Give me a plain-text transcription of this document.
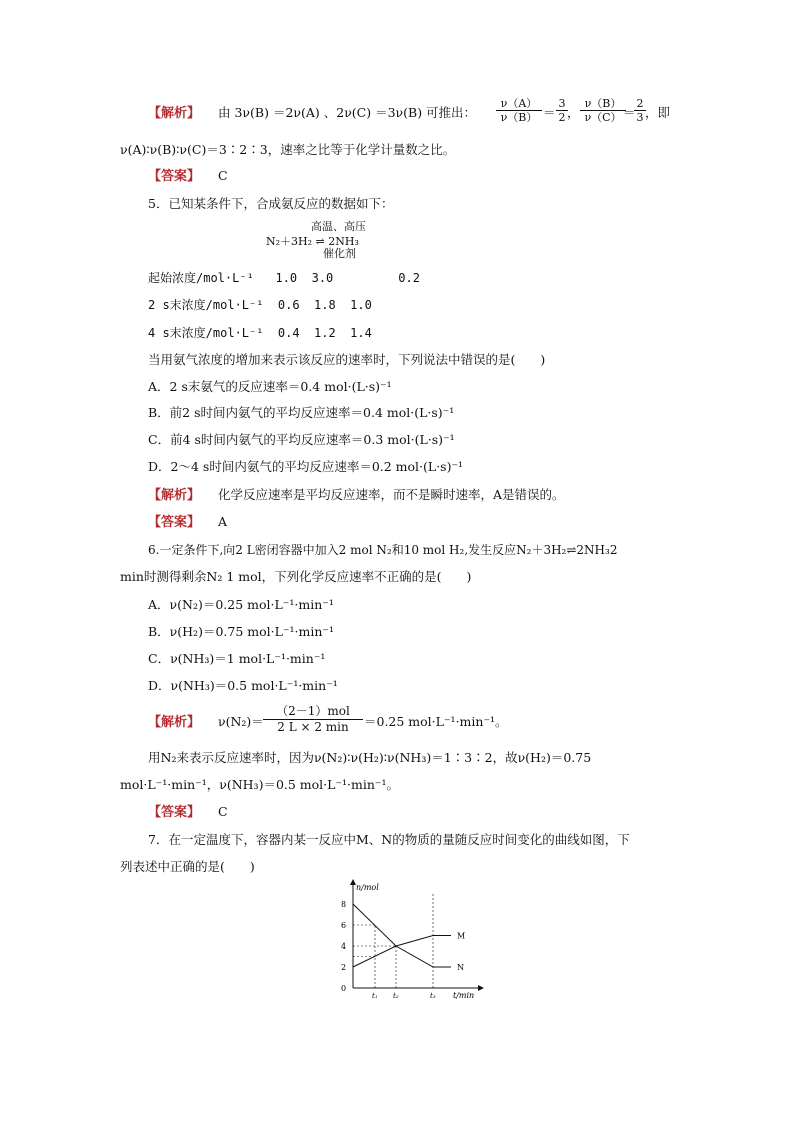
【解析】 由 3ν(B) ＝2ν(A) 、2ν(C) ＝3ν(B) 可推出： $\frac{\nu(A)}{\nu(B)} = \frac{3}{2}$ ， $\frac{\nu(B)}{\nu(C)}$
＝
$\frac{2}{3}$ ，即
ν(A)∶ν(B)∶ν(C)＝3∶2∶3，速率之比等于化学计量数之比。
【答案】 C
5．已知某条件下，合成氨反应的数据如下：
高温、高压
N₂＋3H₂ ⇌ 2NH₃
催化剂
起始浓度/mol·L⁻¹   1.0  3.0         0.2
2 s末浓度/mol·L⁻¹  0.6  1.8  1.0
4 s末浓度/mol·L⁻¹  0.4  1.2  1.4
当用氨气浓度的增加来表示该反应的速率时，下列说法中错误的是(　　)
A．2 s末氨气的反应速率＝0.4 mol·(L·s)⁻¹
B．前2 s时间内氨气的平均反应速率＝0.4 mol·(L·s)⁻¹
C．前4 s时间内氨气的平均反应速率＝0.3 mol·(L·s)⁻¹
D．2～4 s时间内氨气的平均反应速率＝0.2 mol·(L·s)⁻¹
【解析】 化学反应速率是平均反应速率，而不是瞬时速率，A是错误的。
【答案】 A
6.一定条件下,向2 L密闭容器中加入2 mol N₂和10 mol H₂,发生反应N₂＋3H₂⇌2NH₃2
min时测得剩余N₂ 1 mol，下列化学反应速率不正确的是(　　)
A．ν(N₂)＝0.25 mol·L⁻¹·min⁻¹
B．ν(H₂)＝0.75 mol·L⁻¹·min⁻¹
C．ν(NH₃)＝1 mol·L⁻¹·min⁻¹
D．ν(NH₃)＝0.5 mol·L⁻¹·min⁻¹
【解析】 ν(N₂)＝
（2－1）mol
2 L × 2 min	＝0.25 mol·L⁻¹·min⁻¹。
用N₂来表示反应速率时，因为ν(N₂)∶ν(H₂)∶ν(NH₃)＝1∶3∶2，故ν(H₂)＝0.75
mol·L⁻¹·min⁻¹，ν(NH₃)＝0.5 mol·L⁻¹·min⁻¹。
【答案】 C
7．在一定温度下，容器内某一反应中M、N的物质的量随反应时间变化的曲线如图，下
列表述中正确的是(　　)
n/mol
t/min
0
2
4
6
8
t₁ t₂	t₃
M
N
